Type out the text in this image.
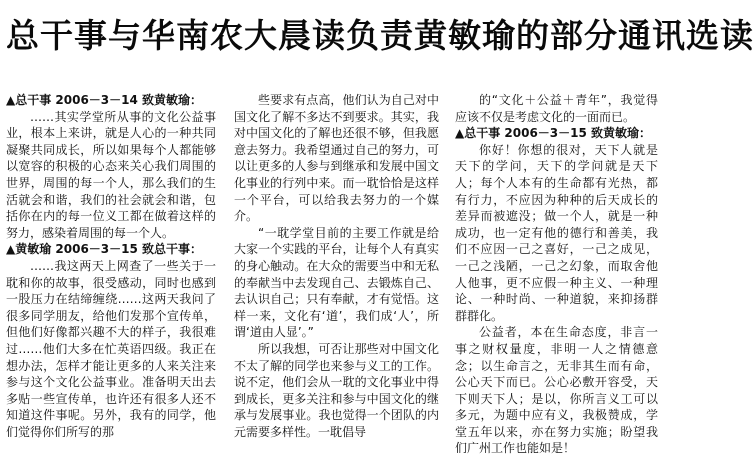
总干事与华南农大晨读负责黄敏瑜的部分通讯选读

▲总干事 2006－3－14 致黄敏瑜：

……其实学堂所从事的文化公益事业，根本上来讲，就是人心的一种共同凝聚共同成长，所以如果每个人都能够以宽容的积极的心态来关心我们周围的世界，周围的每一个人，那么我们的生活就会和谐，我们的社会就会和谐，包括你在内的每一位义工都在做着这样的努力，感染着周围的每一个人。

▲黄敏瑜 2006－3－15 致总干事：

……我这两天上网查了一些关于一耽和你的故事，很受感动，同时也感到一股压力在结缔缠绕……这两天我问了很多同学朋友，给他们发那个宣传单，但他们好像都兴趣不大的样子，我很难过……他们大多在忙英语四级。我正在想办法，怎样才能让更多的人来关注来参与这个文化公益事业。准备明天出去多贴一些宣传单，也许还有很多人还不知道这件事呢。另外，我有的同学，他们觉得你们所写的那

些要求有点高，他们认为自己对中国文化了解不多达不到要求。其实，我对中国文化的了解也还很不够，但我愿意去努力。我希望通过自己的努力，可以让更多的人参与到继承和发展中国文化事业的行列中来。而一耽恰恰是这样一个平台，可以给我去努力的一个媒介。

“一耽学堂目前的主要工作就是给大家一个实践的平台，让每个人有真实的身心触动。在大众的需要当中和无私的奉献当中去发现自己、去锻炼自己、去认识自己；只有奉献，才有觉悟。这样一来，文化有‘道’，我们成‘人’，所谓‘道由人显’。”

所以我想，可否让那些对中国文化不太了解的同学也来参与义工的工作。说不定，他们会从一耽的文化事业中得到成长，更多关注和参与中国文化的继承与发展事业。我也觉得一个团队的内元需要多样性。一耽倡导

的“文化＋公益＋青年”，我觉得应该不仅是考虑文化的一面而已。

▲总干事 2006－3－15 致黄敏瑜：

你好！你想的很对，天下人就是天下的学问，天下的学问就是天下人；每个人本有的生命都有光热，都有行力，不应因为种种的后天成长的差异而被遮没；做一个人，就是一种成功，也一定有他的德行和善美，我们不应因一己之喜好，一己之成见，一己之浅陋，一己之幻象，而取舍他人他事，更不应假一种主义、一种理论、一种时尚、一种道貌，来抑扬群群群化。

公益者，本在生命态度，非言一事之财权量度，非明一人之情德意念；以生命言之，无非其生而有命，公心天下而已。公心必敷开容受，天下则天下人；是以，你所言义工可以多元，为题中应有义，我极赞成，学堂五年以来，亦在努力实施；盼望我们广州工作也能如是！
